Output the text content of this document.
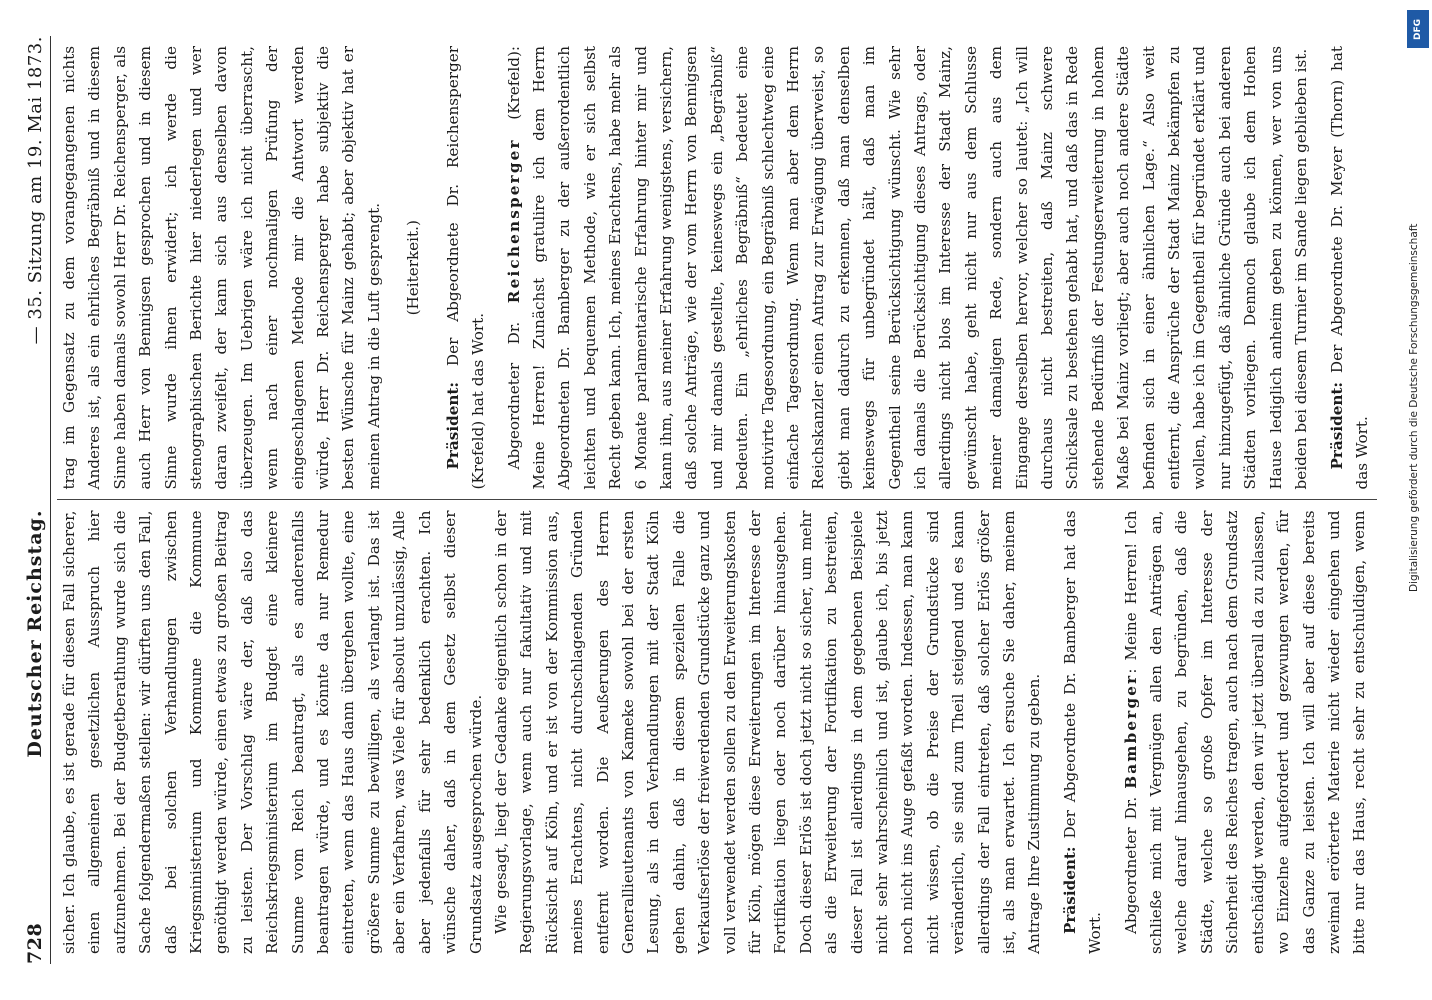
728
Deutscher Reichstag.
— 35. Sitzung am 19. Mai 1873.

sicher. Ich glaube, es ist gerade für diesen Fall sicherer, einen allgemeinen gesetzlichen Ausspruch hier aufzunehmen. Bei der Budgetberathung wurde sich die Sache folgendermaßen stellen: wir dürften uns den Fall, daß bei solchen Verhandlungen zwischen Kriegsministerium und Kommune die Kommune genöthigt werden würde, einen etwas zu großen Beitrag zu leisten. Der Vorschlag wäre der, daß also das Reichskriegsministerium im Budget eine kleinere Summe vom Reich beantragt, als es anderenfalls beantragen würde, und es könnte da nur Remedur eintreten, wenn das Haus dann übergehen wollte, eine größere Summe zu bewilligen, als verlangt ist. Das ist aber ein Verfahren, was Viele für absolut unzulässig, Alle aber jedenfalls für sehr bedenklich erachten. Ich wünsche daher, daß in dem Gesetz selbst dieser Grundsatz ausgesprochen würde. Wie gesagt, liegt der Gedanke eigentlich schon in der Regierungsvorlage, wenn auch nur fakultativ und mit Rücksicht auf Köln, und er ist von der Kommission aus, meines Erachtens, nicht durchschlagenden Gründen entfernt worden. Die Aeußerungen des Herrn Generallieutenants von Kameke sowohl bei der ersten Lesung, als in den Verhandlungen mit der Stadt Köln gehen dahin, daß in diesem speziellen Falle die Verkaufserlöse der freiwerdenden Grundstücke ganz und voll verwendet werden sollen zu den Erweiterungskosten für Köln, mögen diese Erweiterungen im Interesse der Fortifikation liegen oder noch darüber hinausgehen. Doch dieser Erlös ist doch jetzt nicht so sicher, um mehr als die Erweiterung der Fortifikation zu bestreiten, dieser Fall ist allerdings in dem gegebenen Beispiele nicht sehr wahrscheinlich und ist, glaube ich, bis jetzt noch nicht ins Auge gefaßt worden. Indessen, man kann nicht wissen, ob die Preise der Grundstücke sind veränderlich, sie sind zum Theil steigend und es kann allerdings der Fall eintreten, daß solcher Erlös größer ist, als man erwartet. Ich ersuche Sie daher, meinem Antrage Ihre Zustimmung zu geben. Präsident: Der Abgeordnete Dr. Bamberger hat das Wort. Abgeordneter Dr. Bamberger: Meine Herren! Ich schließe mich mit Vergnügen allen den Anträgen an, welche darauf hinausgehen, zu begründen, daß die Städte, welche so große Opfer im Interesse der Sicherheit des Reiches tragen, auch nach dem Grundsatz entschädigt werden, den wir jetzt überall da zu zulassen, wo Einzelne aufgefordert und gezwungen werden, für das Ganze zu leisten. Ich will aber auf diese bereits zweimal erörterte Materie nicht wieder eingehen und bitte nur das Haus, recht sehr zu entschuldigen, wenn

trag im Gegensatz zu dem vorangegangenen nichts Anderes ist, als ein ehrliches Begräbniß und in diesem Sinne haben damals sowohl Herr Dr. Reichensperger, als auch Herr von Bennigsen gesprochen und in diesem Sinne wurde ihnen erwidert; ich werde die stenographischen Berichte hier niederlegen und wer daran zweifelt, der kann sich aus denselben davon überzeugen. Im Uebrigen wäre ich nicht überrascht, wenn nach einer nochmaligen Prüfung der eingeschlagenen Methode mir die Antwort werden würde, Herr Dr. Reichensperger habe subjektiv die besten Wünsche für Mainz gehabt; aber objektiv hat er meinen Antrag in die Luft gesprengt. (Heiterkeit.)

Präsident: Der Abgeordnete Dr. Reichensperger (Krefeld) hat das Wort. Abgeordneter Dr. Reichensperger (Krefeld): Meine Herren! Zunächst gratulire ich dem Herrn Abgeordneten Dr. Bamberger zu der außerordentlich leichten und bequemen Methode, wie er sich selbst Recht geben kann. Ich, meines Erachtens, habe mehr als 6 Monate parlamentarische Erfahrung hinter mir und kann ihm, aus meiner Erfahrung wenigstens, versichern, daß solche Anträge, wie der vom Herrn von Bennigsen und mir damals gestellte, keineswegs ein „Begräbniß“ bedeuten. Ein „ehrliches Begräbniß“ bedeutet eine motivirte Tagesordnung, ein Begräbniß schlechtweg eine einfache Tagesordnung. Wenn man aber dem Herrn Reichskanzler einen Antrag zur Erwägung überweist, so giebt man dadurch zu erkennen, daß man denselben keineswegs für unbegründet hält, daß man im Gegentheil seine Berücksichtigung wünscht. Wie sehr ich damals die Berücksichtigung dieses Antrags, oder allerdings nicht blos im Interesse der Stadt Mainz, gewünscht habe, geht nicht nur aus dem Schlusse meiner damaligen Rede, sondern auch aus dem Eingange derselben hervor, welcher so lautet: „Ich will durchaus nicht bestreiten, daß Mainz schwere Schicksale zu bestehen gehabt hat, und daß das in Rede stehende Bedürfniß der Festungserweiterung in hohem Maße bei Mainz vorliegt; aber auch noch andere Städte befinden sich in einer ähnlichen Lage.“ Also weit entfernt, die Ansprüche der Stadt Mainz bekämpfen zu wollen, habe ich im Gegentheil für begründet erklärt und nur hinzugefügt, daß ähnliche Gründe auch bei anderen Städten vorliegen. Dennoch glaube ich dem Hohen Hause lediglich anheim geben zu können, wer von uns beiden bei diesem Turnier im Sande liegen geblieben ist. Präsident: Der Abgeordnete Dr. Meyer (Thorn) hat das Wort.

DFG
Digitalisierung gefördert durch die Deutsche Forschungsgemeinschaft
